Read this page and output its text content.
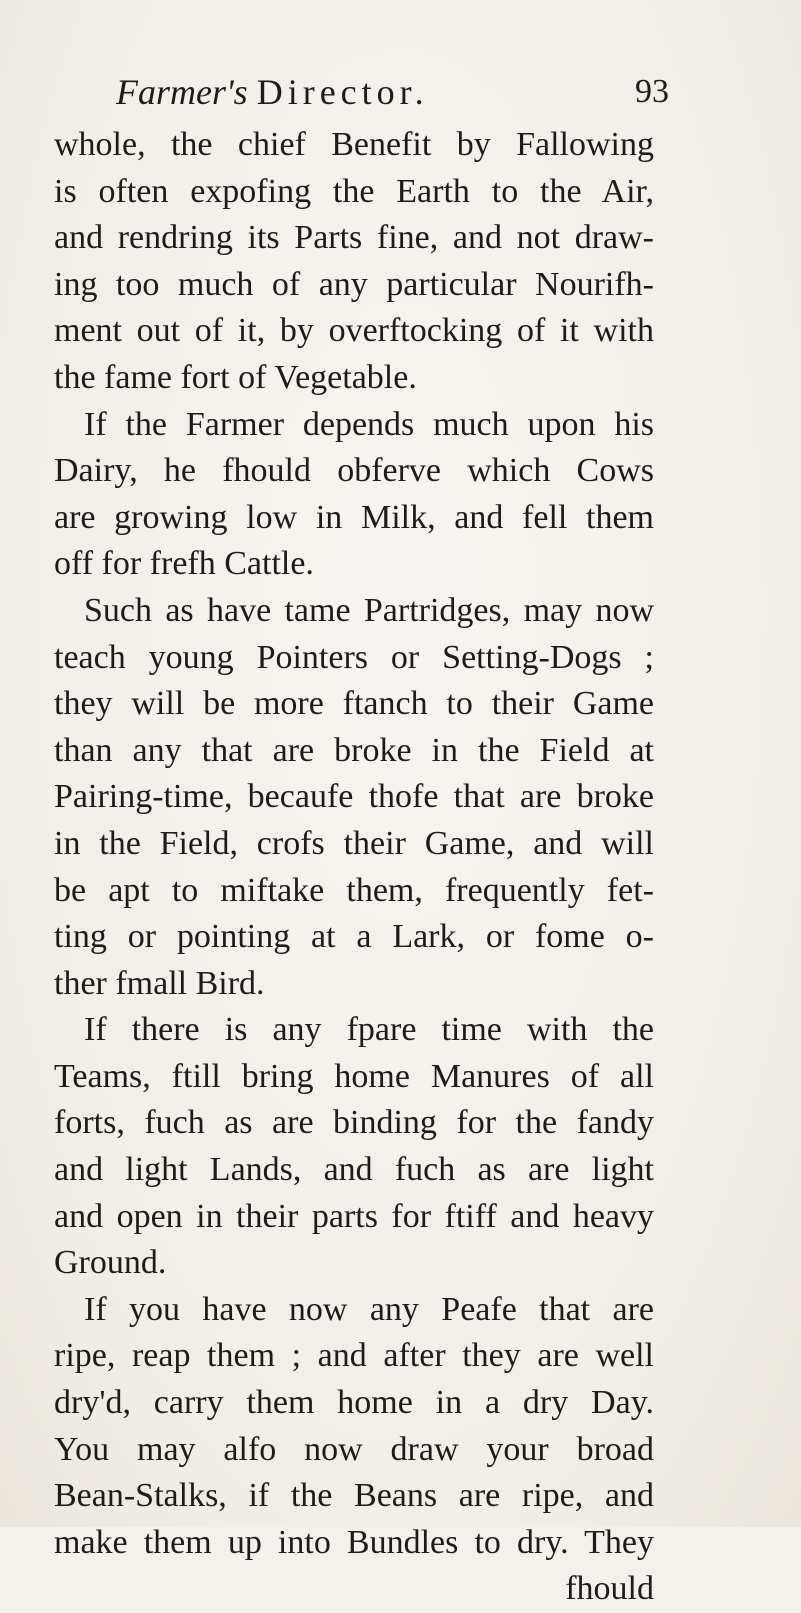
Farmer's Director.	93
whole, the chief Benefit by Fallowing
is often expofing the Earth to the Air,
and rendring its Parts fine, and not draw-
ing too much of any particular Nourifh-
ment out of it, by overftocking of it with
the fame fort of Vegetable.
If the Farmer depends much upon his
Dairy, he fhould obferve which Cows
are growing low in Milk, and fell them
off for frefh Cattle.
Such as have tame Partridges, may now
teach young Pointers or Setting-Dogs ;
they will be more ftanch to their Game
than any that are broke in the Field at
Pairing-time, becaufe thofe that are broke
in the Field, crofs their Game, and will
be apt to miftake them, frequently fet-
ting or pointing at a Lark, or fome o-
ther fmall Bird.
If there is any fpare time with the
Teams, ftill bring home Manures of all
forts, fuch as are binding for the fandy
and light Lands, and fuch as are light
and open in their parts for ftiff and heavy
Ground.
If you have now any Peafe that are
ripe, reap them ; and after they are well
dry'd, carry them home in a dry Day.
You may alfo now draw your broad
Bean-Stalks, if the Beans are ripe, and
make them up into Bundles to dry. They
fhould
